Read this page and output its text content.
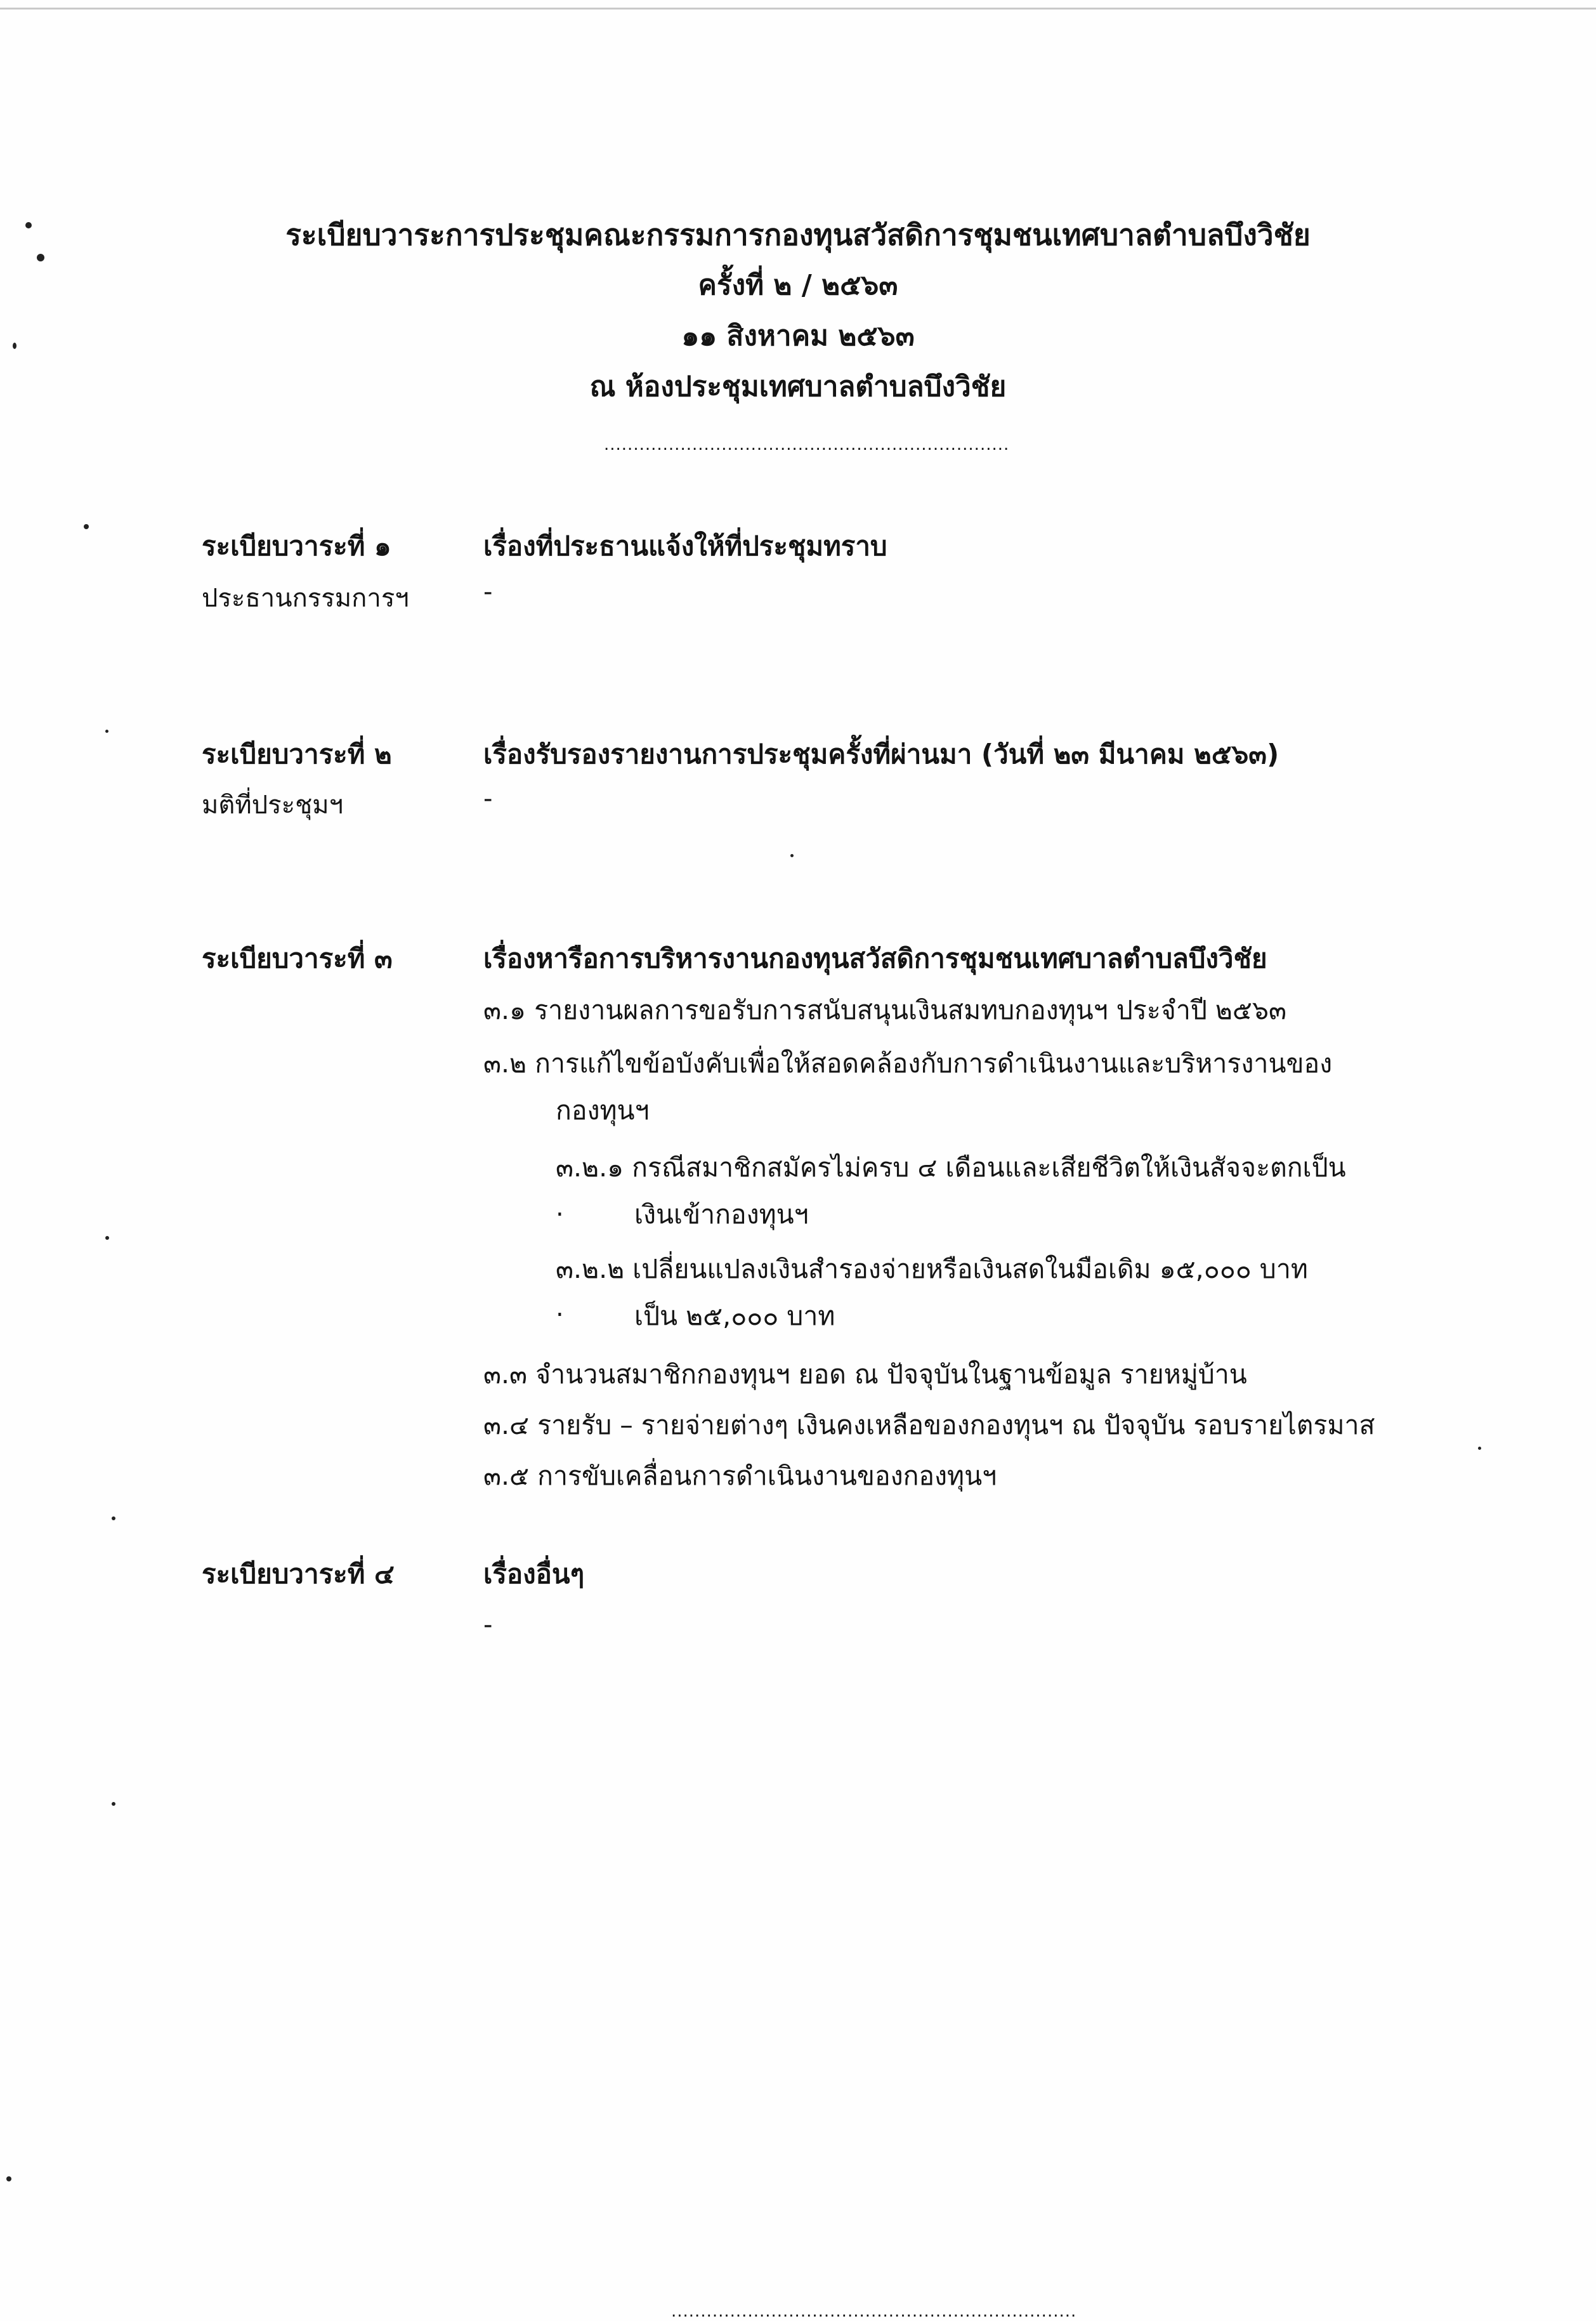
ระเบียบวาระการประชุมคณะกรรมการกองทุนสวัสดิการชุมชนเทศบาลตำบลบึงวิชัย
ครั้งที่ ๒ / ๒๕๖๓
๑๑ สิงหาคม ๒๕๖๓
ณ ห้องประชุมเทศบาลตำบลบึงวิชัย
.....................................................................
ระเบียบวาระที่ ๑	เรื่องที่ประธานแจ้งให้ที่ประชุมทราบ
ประธานกรรมการฯ	-
ระเบียบวาระที่ ๒	เรื่องรับรองรายงานการประชุมครั้งที่ผ่านมา (วันที่ ๒๓ มีนาคม ๒๕๖๓)
มติที่ประชุมฯ	-
ระเบียบวาระที่ ๓	เรื่องหารือการบริหารงานกองทุนสวัสดิการชุมชนเทศบาลตำบลบึงวิชัย
๓.๑ รายงานผลการขอรับการสนับสนุนเงินสมทบกองทุนฯ ประจำปี ๒๕๖๓
๓.๒ การแก้ไขข้อบังคับเพื่อให้สอดคล้องกับการดำเนินงานและบริหารงานของ
กองทุนฯ
๓.๒.๑ กรณีสมาชิกสมัครไม่ครบ ๔ เดือนและเสียชีวิตให้เงินสัจจะตกเป็น
.	เงินเข้ากองทุนฯ
๓.๒.๒ เปลี่ยนแปลงเงินสำรองจ่ายหรือเงินสดในมือเดิม ๑๕,๐๐๐ บาท
.	เป็น ๒๕,๐๐๐ บาท
๓.๓ จำนวนสมาชิกกองทุนฯ ยอด ณ ปัจจุบันในฐานข้อมูล รายหมู่บ้าน
๓.๔ รายรับ – รายจ่ายต่างๆ เงินคงเหลือของกองทุนฯ ณ ปัจจุบัน รอบรายไตรมาส
๓.๕ การขับเคลื่อนการดำเนินงานของกองทุนฯ
ระเบียบวาระที่ ๔	เรื่องอื่นๆ
-
.....................................................................
